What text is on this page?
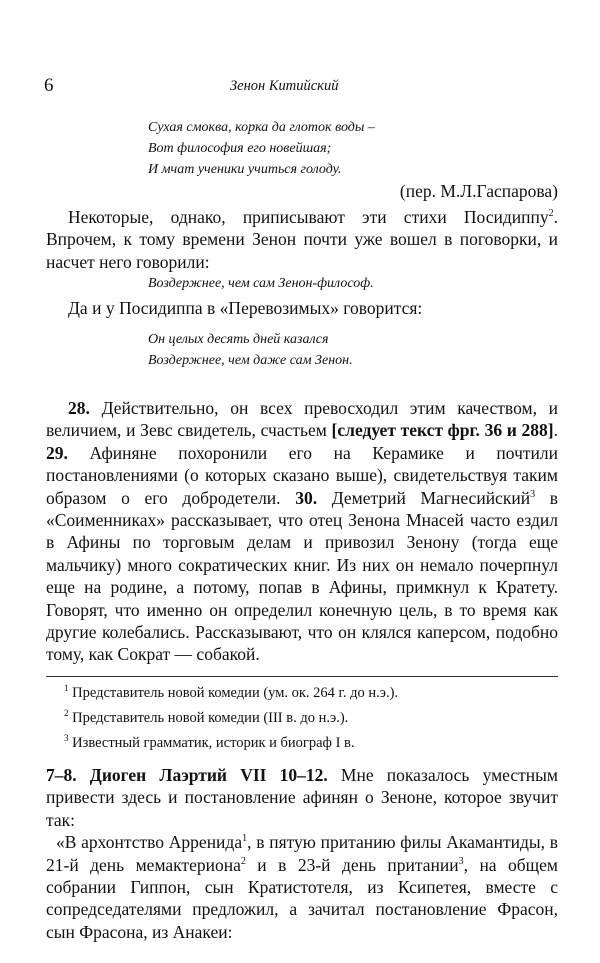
6	Зенон Китийский
Сухая смоква, корка да глоток воды –
Вот философия его новейшая;
И мчат ученики учиться голоду.

(пер. М.Л.Гаспарова)

Некоторые, однако, приписывают эти стихи Посидиппу$^2$. Впрочем, к тому времени Зенон почти уже вошел в поговорки, и насчет него говорили:

Воздержнее, чем сам Зенон-философ.

Да и у Посидиппа в «Перевозимых» говорится:

Он целых десять дней казался
Воздержнее, чем даже сам Зенон.

28. Действительно, он всех превосходил этим качеством, и величием, и Зевс свидетель, счастьем [следует текст фрг. 36 и 288]. 29. Афиняне похоронили его на Керамике и почтили постановлениями (о которых сказано выше), свидетельствуя таким образом о его добродетели. 30. Деметрий Магнесийский$^3$ в «Соименниках» рассказывает, что отец Зенона Мнасей часто ездил в Афины по торговым делам и привозил Зенону (тогда еще мальчику) много сократических книг. Из них он немало почерпнул еще на родине, а потому, попав в Афины, примкнул к Кратету. Говорят, что именно он определил конечную цель, в то время как другие колебались. Рассказывают, что он клялся каперсом, подобно тому, как Сократ — собакой.

$^1$ Представитель новой комедии (ум. ок. 264 г. до н.э.).
$^2$ Представитель новой комедии (III в. до н.э.).
$^3$ Известный грамматик, историк и биограф I в.

7–8. Диоген Лаэртий VII 10–12. Мне показалось уместным привести здесь и постановление афинян о Зеноне, которое звучит так:

«В архонтство Арренида$^1$, в пятую пританию филы Акамантиды, в 21-й день мемактериона$^2$ и в 23-й день притании$^3$, на общем собрании Гиппон, сын Кратистотеля, из Ксипетея, вместе с сопредседателями предложил, а зачитал постановление Фрасон, сын Фрасона, из Анакеи:
